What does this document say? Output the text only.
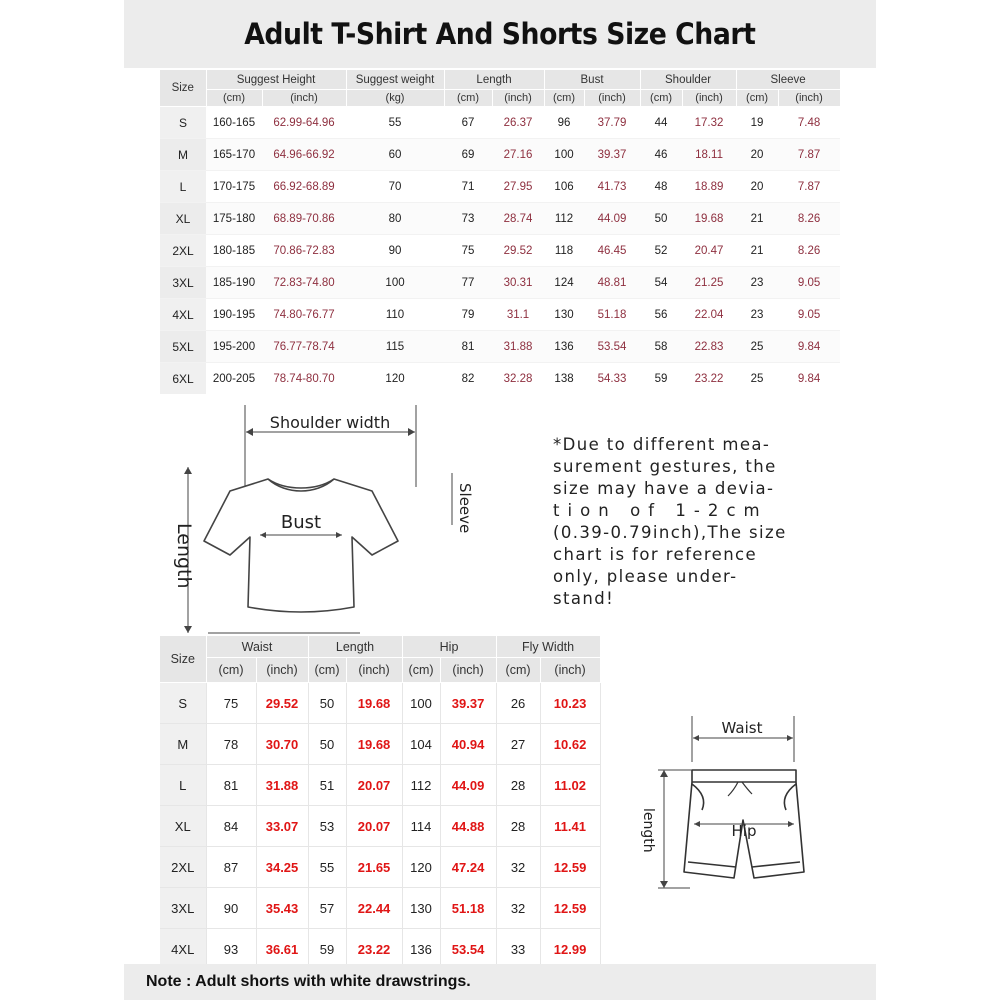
Adult T-Shirt And Shorts Size Chart
Size	Suggest Height		Suggest weight	Length		Bust		Shoulder		Sleeve	
	(cm)	(inch)	(kg)	(cm)	(inch)	(cm)	(inch)	(cm)	(inch)	(cm)	(inch)
S	160-165	62.99-64.96	55	67	26.37	96	37.79	44	17.32	19	7.48
M	165-170	64.96-66.92	60	69	27.16	100	39.37	46	18.11	20	7.87
L	170-175	66.92-68.89	70	71	27.95	106	41.73	48	18.89	20	7.87
XL	175-180	68.89-70.86	80	73	28.74	112	44.09	50	19.68	21	8.26
2XL	180-185	70.86-72.83	90	75	29.52	118	46.45	52	20.47	21	8.26
3XL	185-190	72.83-74.80	100	77	30.31	124	48.81	54	21.25	23	9.05
4XL	190-195	74.80-76.77	110	79	31.1	130	51.18	56	22.04	23	9.05
5XL	195-200	76.77-78.74	115	81	31.88	136	53.54	58	22.83	25	9.84
6XL	200-205	78.74-80.70	120	82	32.28	138	54.33	59	23.22	25	9.84
Shoulder width
Bust	Sleeve
Length
*Due to different mea-
surement gestures, the
size may have a devia-
t i o n   o f   1 - 2 c m
(0.39-0.79inch),The size
chart is for reference
only, please under-
stand!
Size	Waist		Length		Hip		Fly Width	
	(cm)	(inch)	(cm)	(inch)	(cm)	(inch)	(cm)	(inch)
S	75	29.52	50	19.68	100	39.37	26	10.23
M	78	30.70	50	19.68	104	40.94	27	10.62
L	81	31.88	51	20.07	112	44.09	28	11.02
XL	84	33.07	53	20.07	114	44.88	28	11.41
2XL	87	34.25	55	21.65	120	47.24	32	12.59
3XL	90	35.43	57	22.44	130	51.18	32	12.59
4XL	93	36.61	59	23.22	136	53.54	33	12.99
Waist
Hip
length
Note : Adult shorts with white drawstrings.
